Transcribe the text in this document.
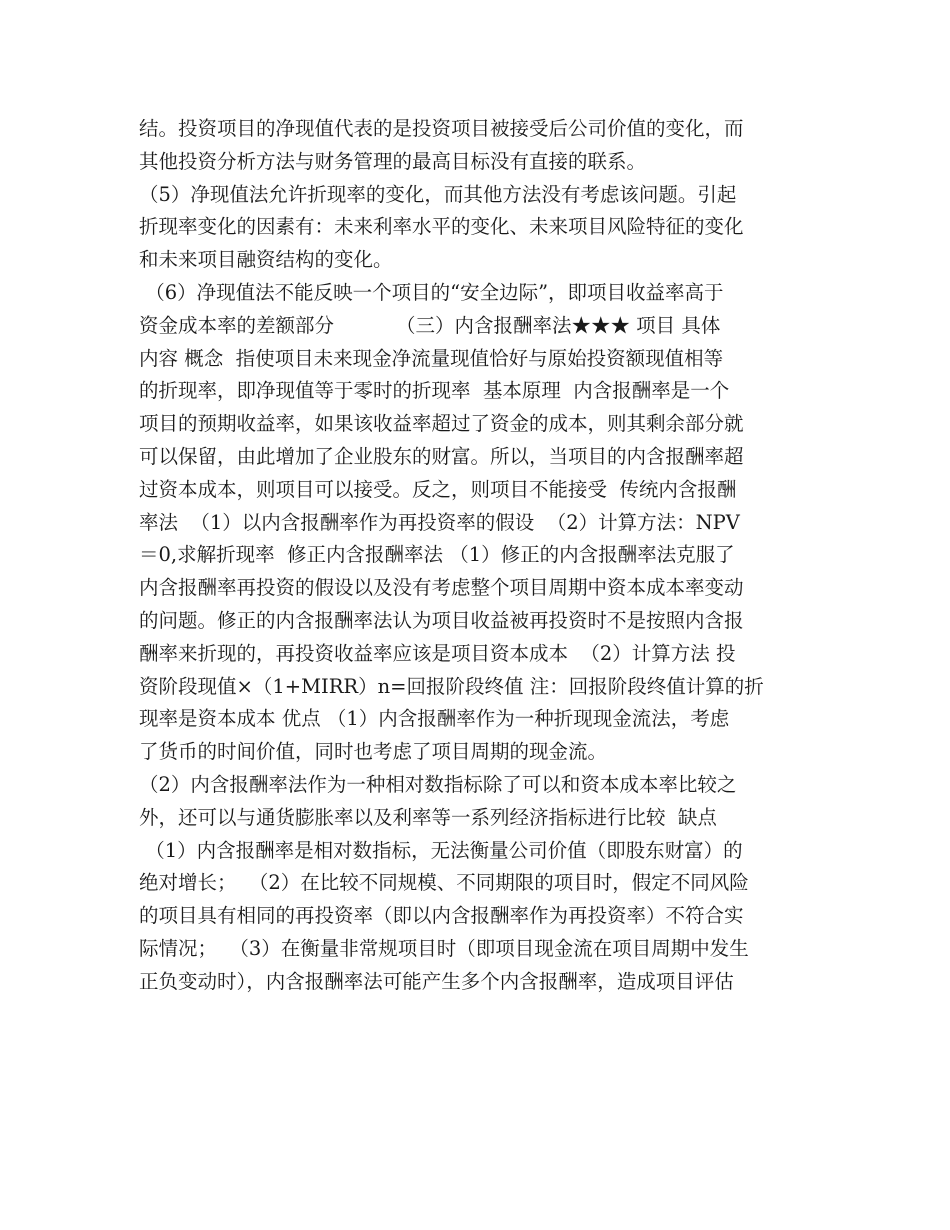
结。投资项目的净现值代表的是投资项目被接受后公司价值的变化，而
其他投资分析方法与财务管理的最高目标没有直接的联系。
（5）净现值法允许折现率的变化，而其他方法没有考虑该问题。引起
折现率变化的因素有：未来利率水平的变化、未来项目风险特征的变化
和未来项目融资结构的变化。
（6）净现值法不能反映一个项目的“安全边际”，即项目收益率高于
资金成本率的差额部分          （三）内含报酬率法★★★ 项目 具体
内容 概念  指使项目未来现金净流量现值恰好与原始投资额现值相等
的折现率，即净现值等于零时的折现率  基本原理  内含报酬率是一个
项目的预期收益率，如果该收益率超过了资金的成本，则其剩余部分就
可以保留，由此增加了企业股东的财富。所以，当项目的内含报酬率超
过资本成本，则项目可以接受。反之，则项目不能接受  传统内含报酬
率法  （1）以内含报酬率作为再投资率的假设  （2）计算方法：NPV
＝0,求解折现率  修正内含报酬率法 （1）修正的内含报酬率法克服了
内含报酬率再投资的假设以及没有考虑整个项目周期中资本成本率变动
的问题。修正的内含报酬率法认为项目收益被再投资时不是按照内含报
酬率来折现的，再投资收益率应该是项目资本成本  （2）计算方法 投
资阶段现值×（1+MIRR）n=回报阶段终值 注：回报阶段终值计算的折
现率是资本成本 优点 （1）内含报酬率作为一种折现现金流法，考虑
了货币的时间价值，同时也考虑了项目周期的现金流。
（2）内含报酬率法作为一种相对数指标除了可以和资本成本率比较之
外，还可以与通货膨胀率以及利率等一系列经济指标进行比较  缺点
（1）内含报酬率是相对数指标，无法衡量公司价值（即股东财富）的
绝对增长；  （2）在比较不同规模、不同期限的项目时，假定不同风险
的项目具有相同的再投资率（即以内含报酬率作为再投资率）不符合实
际情况；  （3）在衡量非常规项目时（即项目现金流在项目周期中发生
正负变动时），内含报酬率法可能产生多个内含报酬率，造成项目评估
